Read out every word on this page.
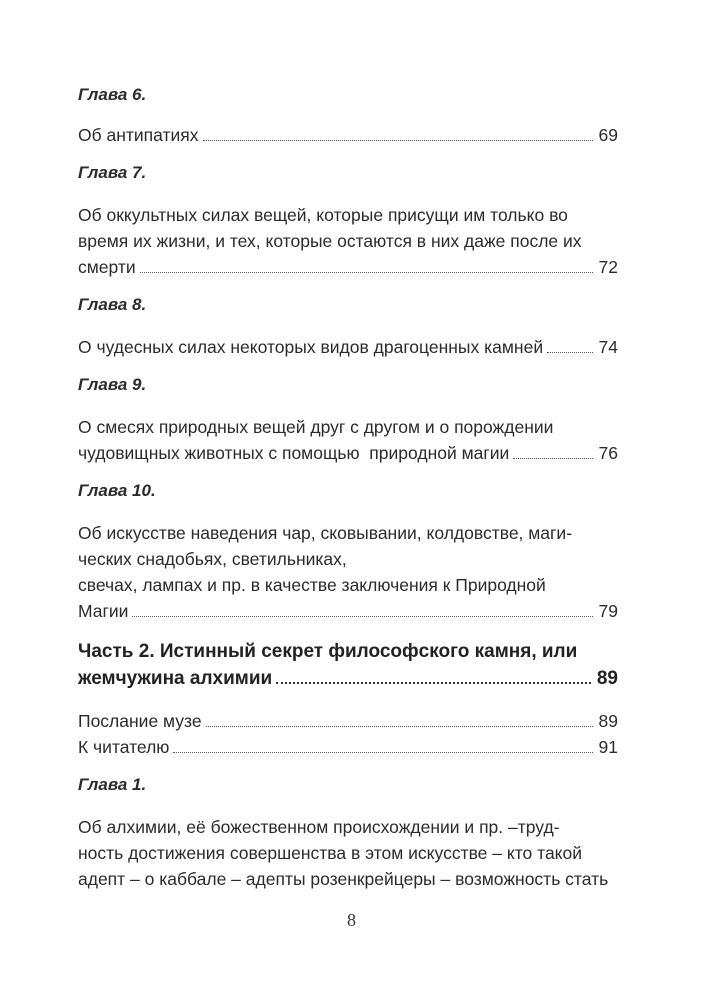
Глава 6.

Об антипатиях	69

Глава 7.

Об оккультных силах вещей, которые присущи им только во

время их жизни, и тех, которые остаются в них даже после их

смерти	72

Глава 8.

О чудесных силах некоторых видов драгоценных камней	74

Глава 9.

О смесях природных вещей друг с другом и о порождении

чудовищных животных с помощью  природной магии	76

Глава 10.

Об искусстве наведения чар, сковывании, колдовстве, маги-

ческих снадобьях, светильниках,

свечах, лампах и пр. в качестве заключения к Природной

Магии	79
Часть 2. Истинный секрет философского камня, или
жемчужина алхимии	89
Послание музе	89
К читателю	91

Глава 1.

Об алхимии, её божественном происхождении и пр. –труд-

ность достижения совершенства в этом искусстве – кто такой

адепт – о каббале – адепты розенкрейцеры – возможность стать

8
